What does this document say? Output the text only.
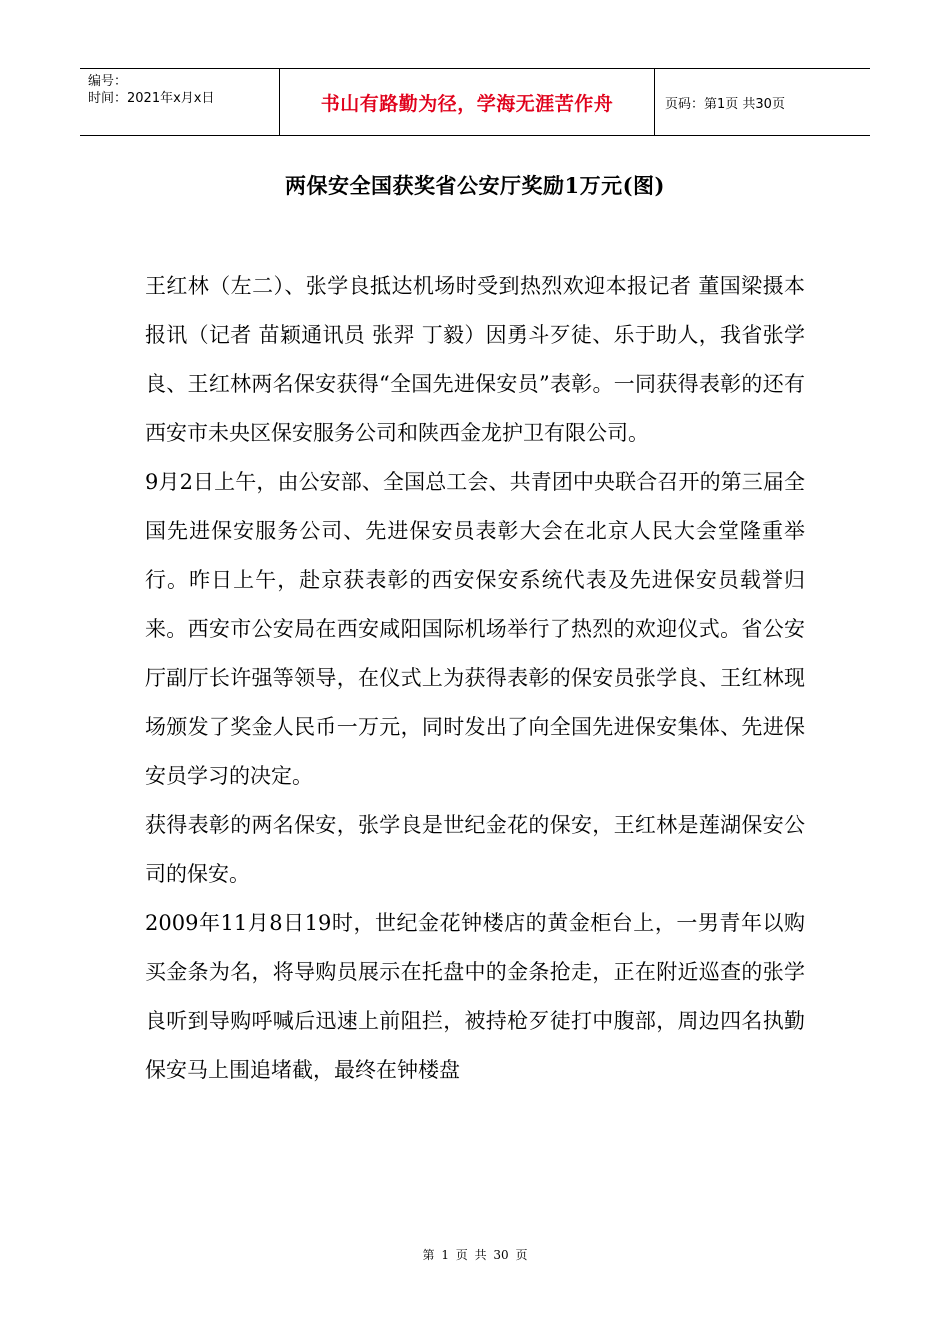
编号：
时间：2021年x月x日	书山有路勤为径，学海无涯苦作舟	页码：第1页 共30页
两保安全国获奖省公安厅奖励1万元(图)

王红林（左二）、张学良抵达机场时受到热烈欢迎本报记者 董国梁摄本报讯（记者 苗颖通讯员 张羿 丁毅）因勇斗歹徒、乐于助人，我省张学良、王红林两名保安获得“全国先进保安员”表彰。一同获得表彰的还有西安市未央区保安服务公司和陕西金龙护卫有限公司。

9月2日上午，由公安部、全国总工会、共青团中央联合召开的第三届全国先进保安服务公司、先进保安员表彰大会在北京人民大会堂隆重举行。昨日上午，赴京获表彰的西安保安系统代表及先进保安员载誉归来。西安市公安局在西安咸阳国际机场举行了热烈的欢迎仪式。省公安厅副厅长许强等领导，在仪式上为获得表彰的保安员张学良、王红林现场颁发了奖金人民币一万元，同时发出了向全国先进保安集体、先进保安员学习的决定。

获得表彰的两名保安，张学良是世纪金花的保安，王红林是莲湖保安公司的保安。

2009年11月8日19时，世纪金花钟楼店的黄金柜台上，一男青年以购买金条为名，将导购员展示在托盘中的金条抢走，正在附近巡查的张学良听到导购呼喊后迅速上前阻拦，被持枪歹徒打中腹部，周边四名执勤保安马上围追堵截，最终在钟楼盘

第 1 页 共 30 页
